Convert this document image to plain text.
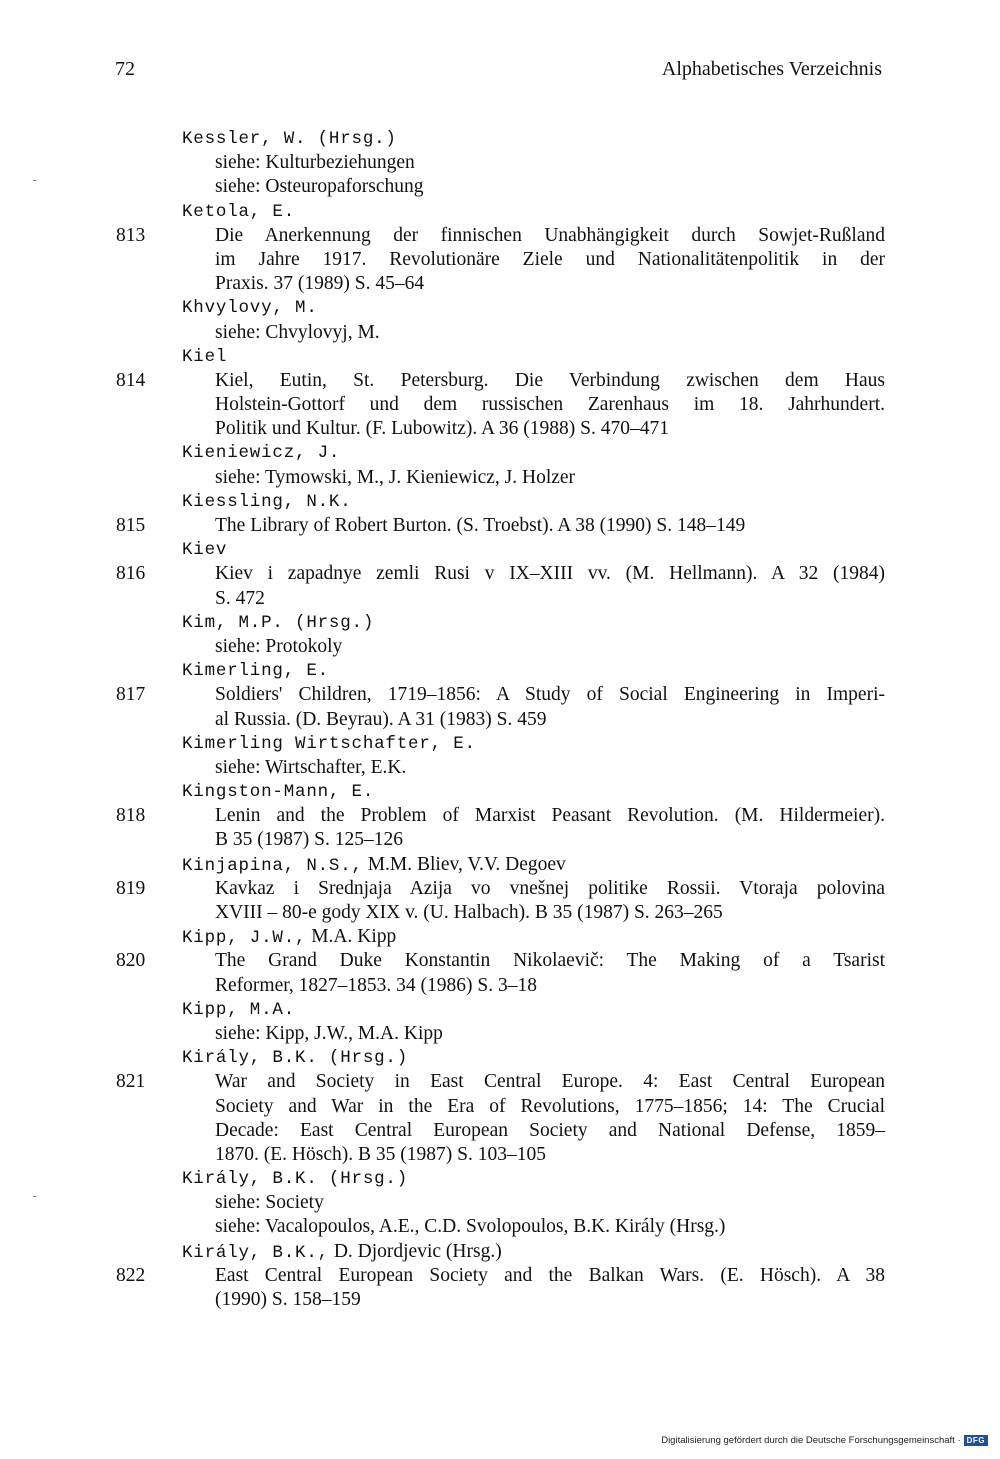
72	Alphabetisches Verzeichnis
Kessler, W. (Hrsg.)
siehe: Kulturbeziehungen
siehe: Osteuropaforschung
Ketola, E.
813	Die Anerkennung der finnischen Unabhängigkeit durch Sowjet-Rußland
im Jahre 1917. Revolutionäre Ziele und Nationalitätenpolitik in der
Praxis. 37 (1989) S. 45–64
Khvylovy, M.
siehe: Chvylovyj, M.
Kiel
814	Kiel, Eutin, St. Petersburg. Die Verbindung zwischen dem Haus
Holstein-Gottorf und dem russischen Zarenhaus im 18. Jahrhundert.
Politik und Kultur. (F. Lubowitz). A 36 (1988) S. 470–471
Kieniewicz, J.
siehe: Tymowski, M., J. Kieniewicz, J. Holzer
Kiessling, N.K.
815	The Library of Robert Burton. (S. Troebst). A 38 (1990) S. 148–149
Kiev
816	Kiev i zapadnye zemli Rusi v IX–XIII vv. (M. Hellmann). A 32 (1984)
S. 472
Kim, M.P. (Hrsg.)
siehe: Protokoly
Kimerling, E.
817	Soldiers' Children, 1719–1856: A Study of Social Engineering in Imperi-
al Russia. (D. Beyrau). A 31 (1983) S. 459
Kimerling Wirtschafter, E.
siehe: Wirtschafter, E.K.
Kingston-Mann, E.
818	Lenin and the Problem of Marxist Peasant Revolution. (M. Hildermeier).
B 35 (1987) S. 125–126
Kinjapina, N.S., M.M. Bliev, V.V. Degoev
819	Kavkaz i Srednjaja Azija vo vnešnej politike Rossii. Vtoraja polovina
XVIII – 80-e gody XIX v. (U. Halbach). B 35 (1987) S. 263–265
Kipp, J.W., M.A. Kipp
820	The Grand Duke Konstantin Nikolaevič: The Making of a Tsarist
Reformer, 1827–1853. 34 (1986) S. 3–18
Kipp, M.A.
siehe: Kipp, J.W., M.A. Kipp
Király, B.K. (Hrsg.)
821	War and Society in East Central Europe. 4: East Central European
Society and War in the Era of Revolutions, 1775–1856; 14: The Crucial
Decade: East Central European Society and National Defense, 1859–
1870. (E. Hösch). B 35 (1987) S. 103–105
Király, B.K. (Hrsg.)
siehe: Society
siehe: Vacalopoulos, A.E., C.D. Svolopoulos, B.K. Király (Hrsg.)
Király, B.K., D. Djordjevic (Hrsg.)
822	East Central European Society and the Balkan Wars. (E. Hösch). A 38
(1990) S. 158–159
Digitalisierung gefördert durch die Deutsche Forschungsgemeinschaft · DFG
